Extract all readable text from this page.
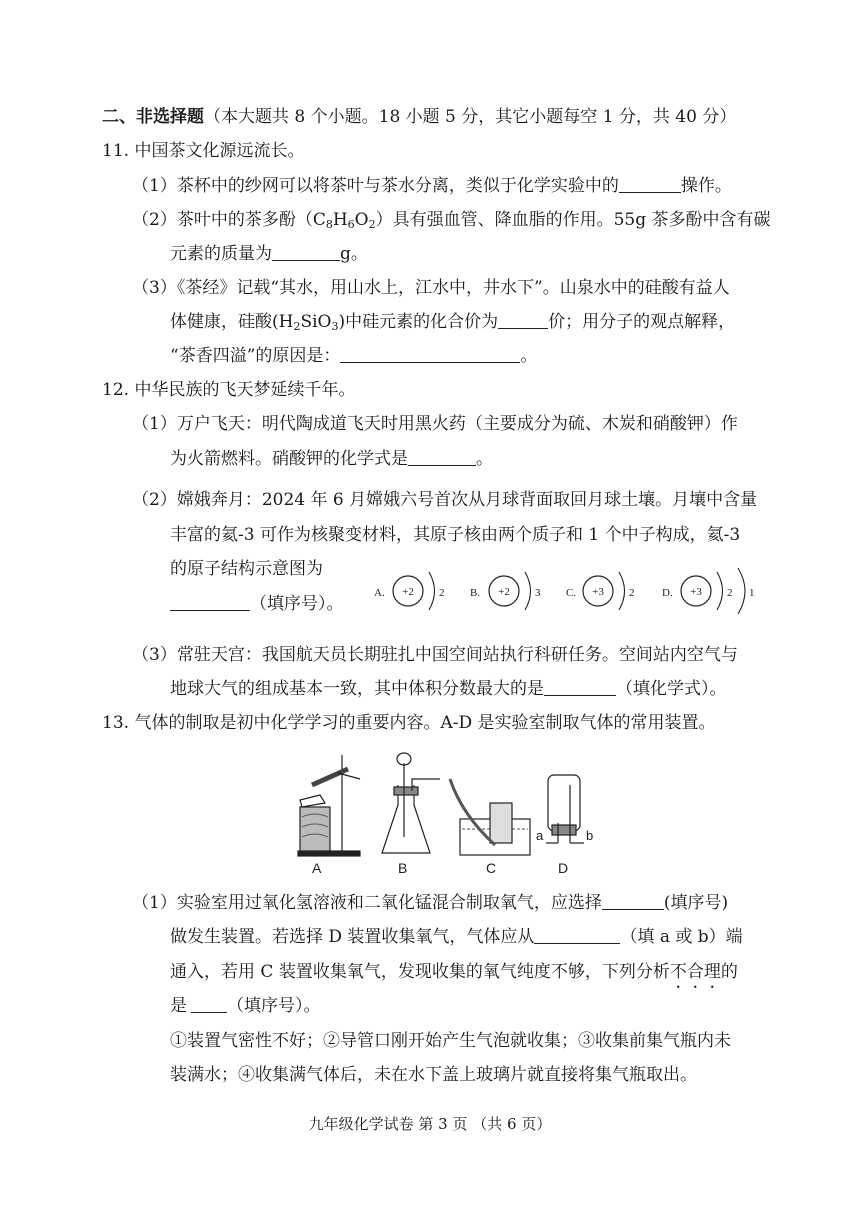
二、非选择题（本大题共 8 个小题。18 小题 5 分，其它小题每空 1 分，共 40 分）
11. 中国茶文化源远流长。
（1）茶杯中的纱网可以将茶叶与茶水分离，类似于化学实验中的	操作。
（2）茶叶中的茶多酚$(C_8H_6O_2)$具有强血管、降血脂的作用。55g 茶多酚中含有碳
元素的质量为	g。
（3）《茶经》记载“其水，用山水上，江水中，井水下”。山泉水中的硅酸有益人
体健康，硅酸$(H_2SiO_3)$中硅元素的化合价为	价；用分子的观点解释，
“茶香四溢”的原因是：	。
12. 中华民族的飞天梦延续千年。
（1）万户飞天：明代陶成道飞天时用黑火药（主要成分为硫、木炭和硝酸钾）作
为火箭燃料。硝酸钾的化学式是	。
（2）嫦娥奔月：2024 年 6 月嫦娥六号首次从月球背面取回月球土壤。月壤中含量
丰富的氦-3 可作为核聚变材料，其原子核由两个质子和 1 个中子构成，氦-3
的原子结构示意图为
（填序号）。
A. +2 2 B. +2 3 C. +3 2	D. +3 2 1
（3）常驻天宫：我国航天员长期驻扎中国空间站执行科研任务。空间站内空气与
地球大气的组成基本一致，其中体积分数最大的是	（填化学式）。
13. 气体的制取是初中化学学习的重要内容。A-D 是实验室制取气体的常用装置。
A	B	C	D
a	b
（1）实验室用过氧化氢溶液和二氧化锰混合制取氧气，应选择	(填序号)
做发生装置。若选择 D 装置收集氧气，气体应从	（填 a 或 b）端
通入，若用 C 装置收集氧气，发现收集的氧气纯度不够，下列分析不合理的
是 （填序号）。
①装置气密性不好；②导管口刚开始产生气泡就收集；③收集前集气瓶内未
装满水；④收集满气体后，未在水下盖上玻璃片就直接将集气瓶取出。
九年级化学试卷 第 3 页 （共 6 页）
